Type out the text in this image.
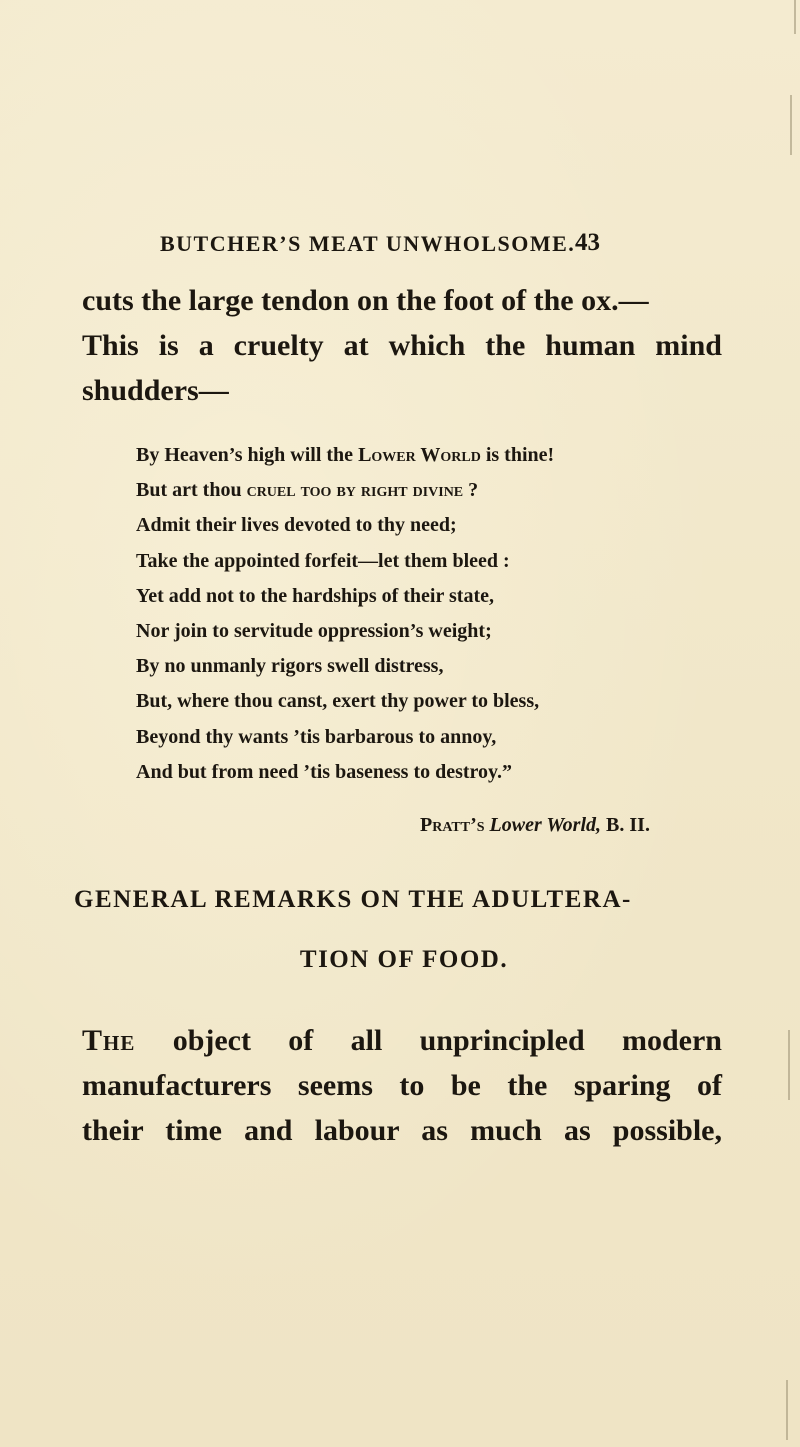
BUTCHER’S MEAT UNWHOLSOME. 43
cuts the large tendon on the foot of the ox.—
This is a cruelty at which the human mind
shudders—
By Heaven’s high will the Lower World is thine!
But art thou cruel too by right divine ?
Admit their lives devoted to thy need;
Take the appointed forfeit—let them bleed :
Yet add not to the hardships of their state,
Nor join to servitude oppression’s weight;
By no unmanly rigors swell distress,
But, where thou canst, exert thy power to bless,
Beyond thy wants ’tis barbarous to annoy,
And but from need ’tis baseness to destroy.”
Pratt’s Lower World, B. II.
GENERAL REMARKS ON THE ADULTERA-
TION OF FOOD.
The object of all unprincipled modern
manufacturers seems to be the sparing of
their time and labour as much as possible,
